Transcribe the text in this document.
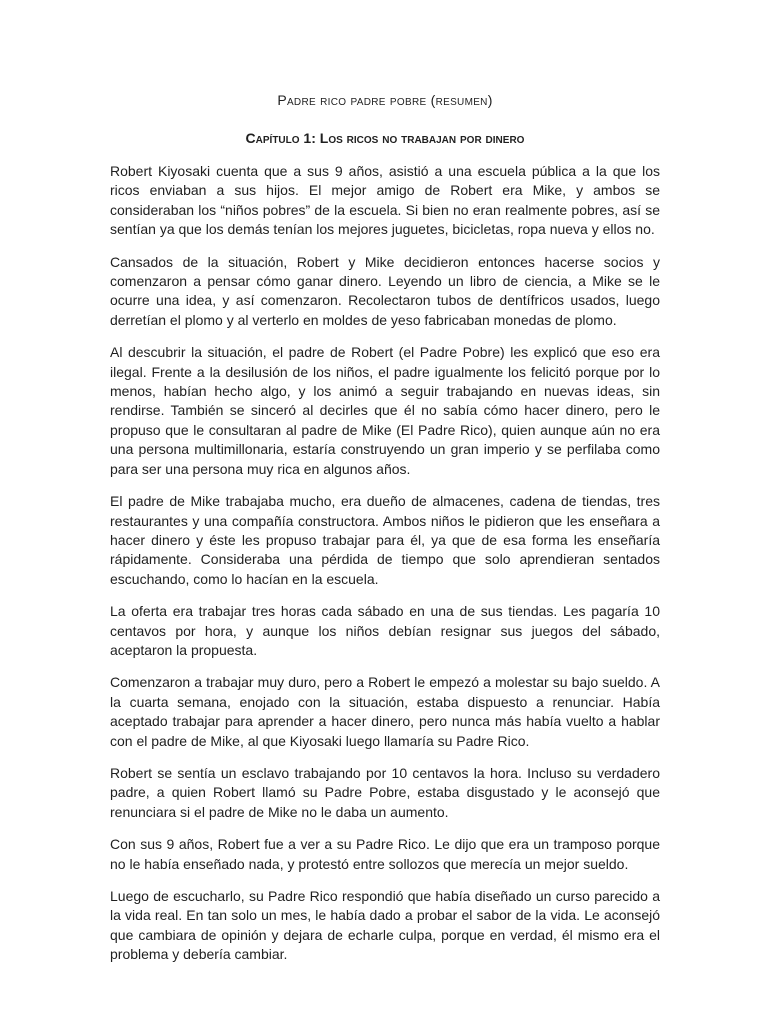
Padre rico padre pobre (resumen)
Capítulo 1: Los ricos no trabajan por dinero

Robert Kiyosaki cuenta que a sus 9 años, asistió a una escuela pública a la que los ricos enviaban a sus hijos. El mejor amigo de Robert era Mike, y ambos se consideraban los “niños pobres” de la escuela. Si bien no eran realmente pobres, así se sentían ya que los demás tenían los mejores juguetes, bicicletas, ropa nueva y ellos no.

Cansados de la situación, Robert y Mike decidieron entonces hacerse socios y comenzaron a pensar cómo ganar dinero. Leyendo un libro de ciencia, a Mike se le ocurre una idea, y así comenzaron. Recolectaron tubos de dentífricos usados, luego derretían el plomo y al verterlo en moldes de yeso fabricaban monedas de plomo.

Al descubrir la situación, el padre de Robert (el Padre Pobre) les explicó que eso era ilegal. Frente a la desilusión de los niños, el padre igualmente los felicitó porque por lo menos, habían hecho algo, y los animó a seguir trabajando en nuevas ideas, sin rendirse. También se sinceró al decirles que él no sabía cómo hacer dinero, pero le propuso que le consultaran al padre de Mike (El Padre Rico), quien aunque aún no era una persona multimillonaria, estaría construyendo un gran imperio y se perfilaba como para ser una persona muy rica en algunos años.

El padre de Mike trabajaba mucho, era dueño de almacenes, cadena de tiendas, tres restaurantes y una compañía constructora. Ambos niños le pidieron que les enseñara a hacer dinero y éste les propuso trabajar para él, ya que de esa forma les enseñaría rápidamente. Consideraba una pérdida de tiempo que solo aprendieran sentados escuchando, como lo hacían en la escuela.

La oferta era trabajar tres horas cada sábado en una de sus tiendas. Les pagaría 10 centavos por hora, y aunque los niños debían resignar sus juegos del sábado, aceptaron la propuesta.

Comenzaron a trabajar muy duro, pero a Robert le empezó a molestar su bajo sueldo. A la cuarta semana, enojado con la situación, estaba dispuesto a renunciar. Había aceptado trabajar para aprender a hacer dinero, pero nunca más había vuelto a hablar con el padre de Mike, al que Kiyosaki luego llamaría su Padre Rico.

Robert se sentía un esclavo trabajando por 10 centavos la hora. Incluso su verdadero padre, a quien Robert llamó su Padre Pobre, estaba disgustado y le aconsejó que renunciara si el padre de Mike no le daba un aumento.

Con sus 9 años, Robert fue a ver a su Padre Rico. Le dijo que era un tramposo porque no le había enseñado nada, y protestó entre sollozos que merecía un mejor sueldo.

Luego de escucharlo, su Padre Rico respondió que había diseñado un curso parecido a la vida real. En tan solo un mes, le había dado a probar el sabor de la vida. Le aconsejó que cambiara de opinión y dejara de echarle culpa, porque en verdad, él mismo era el problema y debería cambiar.
